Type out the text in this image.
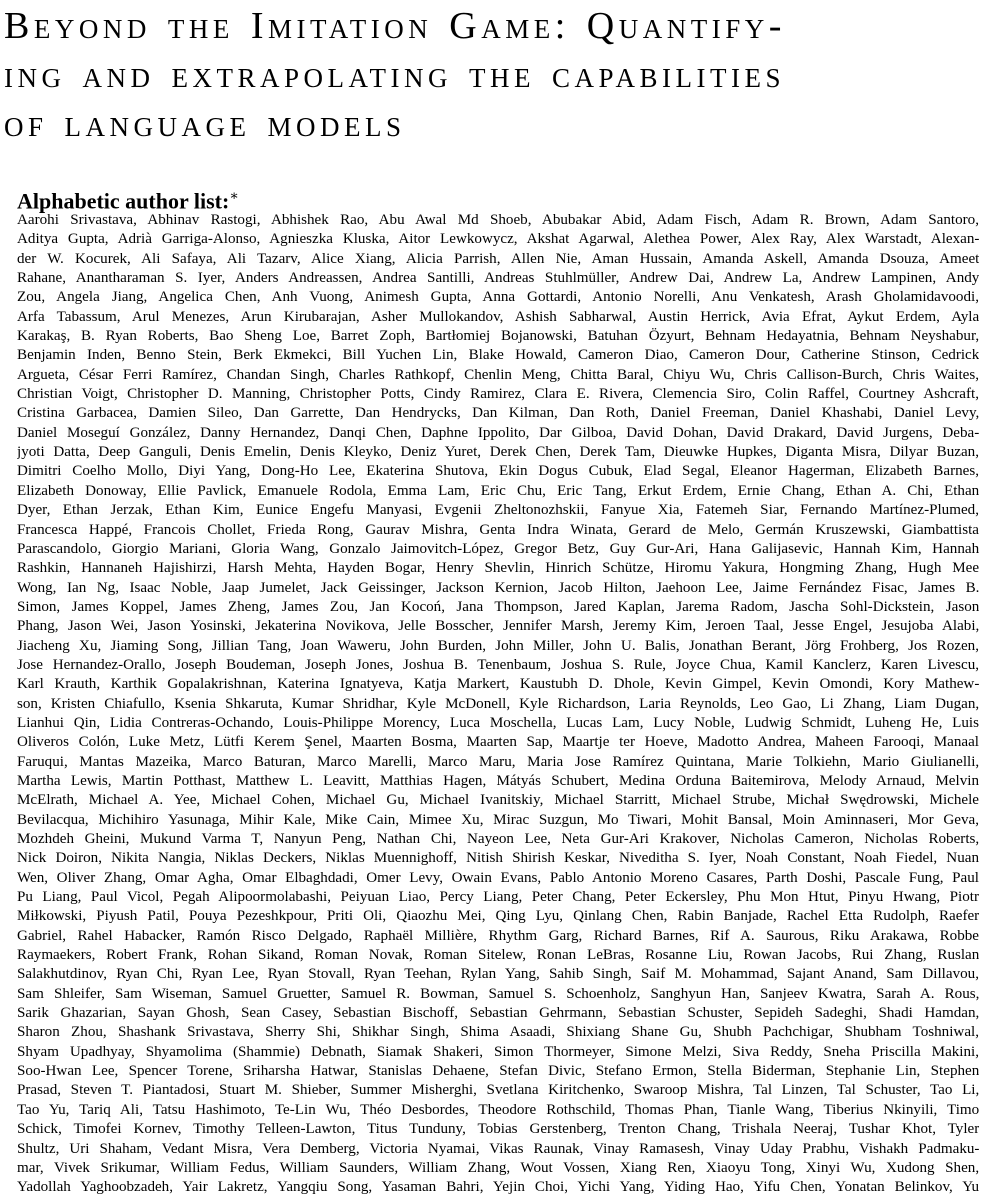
Beyond the Imitation Game: Quantify-
ing and extrapolating the capabilities
of language models
Alphabetic author list:∗
Aarohi Srivastava, Abhinav Rastogi, Abhishek Rao, Abu Awal Md Shoeb, Abubakar Abid, Adam Fisch, Adam R. Brown, Adam Santoro,
Aditya Gupta, Adrià Garriga-Alonso, Agnieszka Kluska, Aitor Lewkowycz, Akshat Agarwal, Alethea Power, Alex Ray, Alex Warstadt, Alexan-
der W. Kocurek, Ali Safaya, Ali Tazarv, Alice Xiang, Alicia Parrish, Allen Nie, Aman Hussain, Amanda Askell, Amanda Dsouza, Ameet
Rahane, Anantharaman S. Iyer, Anders Andreassen, Andrea Santilli, Andreas Stuhlmüller, Andrew Dai, Andrew La, Andrew Lampinen, Andy
Zou, Angela Jiang, Angelica Chen, Anh Vuong, Animesh Gupta, Anna Gottardi, Antonio Norelli, Anu Venkatesh, Arash Gholamidavoodi,
Arfa Tabassum, Arul Menezes, Arun Kirubarajan, Asher Mullokandov, Ashish Sabharwal, Austin Herrick, Avia Efrat, Aykut Erdem, Ayla
Karakaş, B. Ryan Roberts, Bao Sheng Loe, Barret Zoph, Bartłomiej Bojanowski, Batuhan Özyurt, Behnam Hedayatnia, Behnam Neyshabur,
Benjamin Inden, Benno Stein, Berk Ekmekci, Bill Yuchen Lin, Blake Howald, Cameron Diao, Cameron Dour, Catherine Stinson, Cedrick
Argueta, César Ferri Ramírez, Chandan Singh, Charles Rathkopf, Chenlin Meng, Chitta Baral, Chiyu Wu, Chris Callison-Burch, Chris Waites,
Christian Voigt, Christopher D. Manning, Christopher Potts, Cindy Ramirez, Clara E. Rivera, Clemencia Siro, Colin Raffel, Courtney Ashcraft,
Cristina Garbacea, Damien Sileo, Dan Garrette, Dan Hendrycks, Dan Kilman, Dan Roth, Daniel Freeman, Daniel Khashabi, Daniel Levy,
Daniel Moseguí González, Danny Hernandez, Danqi Chen, Daphne Ippolito, Dar Gilboa, David Dohan, David Drakard, David Jurgens, Deba-
jyoti Datta, Deep Ganguli, Denis Emelin, Denis Kleyko, Deniz Yuret, Derek Chen, Derek Tam, Dieuwke Hupkes, Diganta Misra, Dilyar Buzan,
Dimitri Coelho Mollo, Diyi Yang, Dong-Ho Lee, Ekaterina Shutova, Ekin Dogus Cubuk, Elad Segal, Eleanor Hagerman, Elizabeth Barnes,
Elizabeth Donoway, Ellie Pavlick, Emanuele Rodola, Emma Lam, Eric Chu, Eric Tang, Erkut Erdem, Ernie Chang, Ethan A. Chi, Ethan
Dyer, Ethan Jerzak, Ethan Kim, Eunice Engefu Manyasi, Evgenii Zheltonozhskii, Fanyue Xia, Fatemeh Siar, Fernando Martínez-Plumed,
Francesca Happé, Francois Chollet, Frieda Rong, Gaurav Mishra, Genta Indra Winata, Gerard de Melo, Germán Kruszewski, Giambattista
Parascandolo, Giorgio Mariani, Gloria Wang, Gonzalo Jaimovitch-López, Gregor Betz, Guy Gur-Ari, Hana Galijasevic, Hannah Kim, Hannah
Rashkin, Hannaneh Hajishirzi, Harsh Mehta, Hayden Bogar, Henry Shevlin, Hinrich Schütze, Hiromu Yakura, Hongming Zhang, Hugh Mee
Wong, Ian Ng, Isaac Noble, Jaap Jumelet, Jack Geissinger, Jackson Kernion, Jacob Hilton, Jaehoon Lee, Jaime Fernández Fisac, James B.
Simon, James Koppel, James Zheng, James Zou, Jan Kocoń, Jana Thompson, Jared Kaplan, Jarema Radom, Jascha Sohl-Dickstein, Jason
Phang, Jason Wei, Jason Yosinski, Jekaterina Novikova, Jelle Bosscher, Jennifer Marsh, Jeremy Kim, Jeroen Taal, Jesse Engel, Jesujoba Alabi,
Jiacheng Xu, Jiaming Song, Jillian Tang, Joan Waweru, John Burden, John Miller, John U. Balis, Jonathan Berant, Jörg Frohberg, Jos Rozen,
Jose Hernandez-Orallo, Joseph Boudeman, Joseph Jones, Joshua B. Tenenbaum, Joshua S. Rule, Joyce Chua, Kamil Kanclerz, Karen Livescu,
Karl Krauth, Karthik Gopalakrishnan, Katerina Ignatyeva, Katja Markert, Kaustubh D. Dhole, Kevin Gimpel, Kevin Omondi, Kory Mathew-
son, Kristen Chiafullo, Ksenia Shkaruta, Kumar Shridhar, Kyle McDonell, Kyle Richardson, Laria Reynolds, Leo Gao, Li Zhang, Liam Dugan,
Lianhui Qin, Lidia Contreras-Ochando, Louis-Philippe Morency, Luca Moschella, Lucas Lam, Lucy Noble, Ludwig Schmidt, Luheng He, Luis
Oliveros Colón, Luke Metz, Lütfi Kerem Şenel, Maarten Bosma, Maarten Sap, Maartje ter Hoeve, Madotto Andrea, Maheen Farooqi, Manaal
Faruqui, Mantas Mazeika, Marco Baturan, Marco Marelli, Marco Maru, Maria Jose Ramírez Quintana, Marie Tolkiehn, Mario Giulianelli,
Martha Lewis, Martin Potthast, Matthew L. Leavitt, Matthias Hagen, Mátyás Schubert, Medina Orduna Baitemirova, Melody Arnaud, Melvin
McElrath, Michael A. Yee, Michael Cohen, Michael Gu, Michael Ivanitskiy, Michael Starritt, Michael Strube, Michał Swędrowski, Michele
Bevilacqua, Michihiro Yasunaga, Mihir Kale, Mike Cain, Mimee Xu, Mirac Suzgun, Mo Tiwari, Mohit Bansal, Moin Aminnaseri, Mor Geva,
Mozhdeh Gheini, Mukund Varma T, Nanyun Peng, Nathan Chi, Nayeon Lee, Neta Gur-Ari Krakover, Nicholas Cameron, Nicholas Roberts,
Nick Doiron, Nikita Nangia, Niklas Deckers, Niklas Muennighoff, Nitish Shirish Keskar, Niveditha S. Iyer, Noah Constant, Noah Fiedel, Nuan
Wen, Oliver Zhang, Omar Agha, Omar Elbaghdadi, Omer Levy, Owain Evans, Pablo Antonio Moreno Casares, Parth Doshi, Pascale Fung, Paul
Pu Liang, Paul Vicol, Pegah Alipoormolabashi, Peiyuan Liao, Percy Liang, Peter Chang, Peter Eckersley, Phu Mon Htut, Pinyu Hwang, Piotr
Miłkowski, Piyush Patil, Pouya Pezeshkpour, Priti Oli, Qiaozhu Mei, Qing Lyu, Qinlang Chen, Rabin Banjade, Rachel Etta Rudolph, Raefer
Gabriel, Rahel Habacker, Ramón Risco Delgado, Raphaël Millière, Rhythm Garg, Richard Barnes, Rif A. Saurous, Riku Arakawa, Robbe
Raymaekers, Robert Frank, Rohan Sikand, Roman Novak, Roman Sitelew, Ronan LeBras, Rosanne Liu, Rowan Jacobs, Rui Zhang, Ruslan
Salakhutdinov, Ryan Chi, Ryan Lee, Ryan Stovall, Ryan Teehan, Rylan Yang, Sahib Singh, Saif M. Mohammad, Sajant Anand, Sam Dillavou,
Sam Shleifer, Sam Wiseman, Samuel Gruetter, Samuel R. Bowman, Samuel S. Schoenholz, Sanghyun Han, Sanjeev Kwatra, Sarah A. Rous,
Sarik Ghazarian, Sayan Ghosh, Sean Casey, Sebastian Bischoff, Sebastian Gehrmann, Sebastian Schuster, Sepideh Sadeghi, Shadi Hamdan,
Sharon Zhou, Shashank Srivastava, Sherry Shi, Shikhar Singh, Shima Asaadi, Shixiang Shane Gu, Shubh Pachchigar, Shubham Toshniwal,
Shyam Upadhyay, Shyamolima (Shammie) Debnath, Siamak Shakeri, Simon Thormeyer, Simone Melzi, Siva Reddy, Sneha Priscilla Makini,
Soo-Hwan Lee, Spencer Torene, Sriharsha Hatwar, Stanislas Dehaene, Stefan Divic, Stefano Ermon, Stella Biderman, Stephanie Lin, Stephen
Prasad, Steven T. Piantadosi, Stuart M. Shieber, Summer Misherghi, Svetlana Kiritchenko, Swaroop Mishra, Tal Linzen, Tal Schuster, Tao Li,
Tao Yu, Tariq Ali, Tatsu Hashimoto, Te-Lin Wu, Théo Desbordes, Theodore Rothschild, Thomas Phan, Tianle Wang, Tiberius Nkinyili, Timo
Schick, Timofei Kornev, Timothy Telleen-Lawton, Titus Tunduny, Tobias Gerstenberg, Trenton Chang, Trishala Neeraj, Tushar Khot, Tyler
Shultz, Uri Shaham, Vedant Misra, Vera Demberg, Victoria Nyamai, Vikas Raunak, Vinay Ramasesh, Vinay Uday Prabhu, Vishakh Padmaku-
mar, Vivek Srikumar, William Fedus, William Saunders, William Zhang, Wout Vossen, Xiang Ren, Xiaoyu Tong, Xinyi Wu, Xudong Shen,
Yadollah Yaghoobzadeh, Yair Lakretz, Yangqiu Song, Yasaman Bahri, Yejin Choi, Yichi Yang, Yiding Hao, Yifu Chen, Yonatan Belinkov, Yu
